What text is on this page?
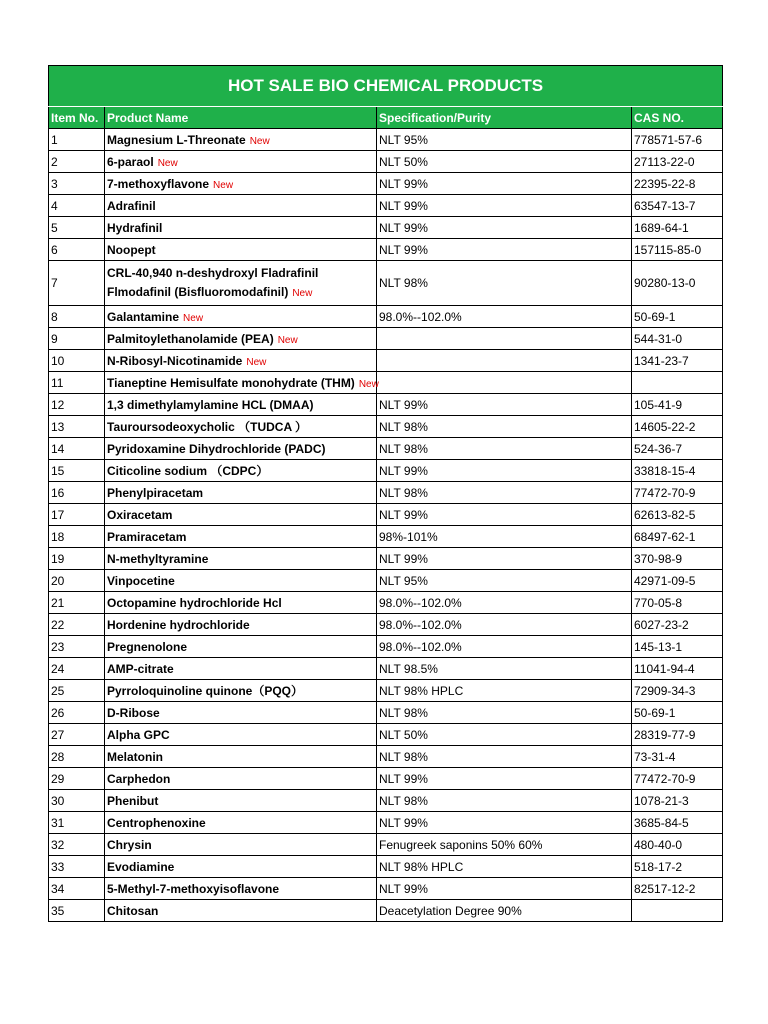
HOT SALE BIO CHEMICAL PRODUCTS			
Item No.	Product Name	Specification/Purity	CAS NO.
1	Magnesium L-Threonate New	NLT 95%	778571-57-6
2	6-paraol New	NLT 50%	27113-22-0
3	7-methoxyflavone New	NLT 99%	22395-22-8
4	Adrafinil	NLT 99%	63547-13-7
5	Hydrafinil	NLT 99%	1689-64-1
6	Noopept	NLT 99%	157115-85-0
7	CRL-40,940 n-deshydroxyl Fladrafinil
Flmodafinil (Bisfluoromodafinil) New	NLT 98%	90280-13-0
8	Galantamine New	98.0%--102.0%	50-69-1
9	Palmitoylethanolamide (PEA) New		544-31-0
10	N-Ribosyl-Nicotinamide New		1341-23-7
11	Tianeptine Hemisulfate monohydrate (THM) New		
12	1,3 dimethylamylamine HCL (DMAA)	NLT 99%	105-41-9
13	Tauroursodeoxycholic （TUDCA ）	NLT 98%	14605-22-2
14	Pyridoxamine Dihydrochloride (PADC)	NLT 98%	524-36-7
15	Citicoline sodium （CDPC）	NLT 99%	33818-15-4
16	Phenylpiracetam	NLT 98%	77472-70-9
17	Oxiracetam	NLT 99%	62613-82-5
18	Pramiracetam	98%-101%	68497-62-1
19	N-methyltyramine	NLT 99%	370-98-9
20	Vinpocetine	NLT 95%	42971-09-5
21	Octopamine hydrochloride Hcl	98.0%--102.0%	770-05-8
22	Hordenine hydrochloride	98.0%--102.0%	6027-23-2
23	Pregnenolone	98.0%--102.0%	145-13-1
24	AMP-citrate	NLT 98.5%	11041-94-4
25	Pyrroloquinoline quinone（PQQ）	NLT 98% HPLC	72909-34-3
26	D-Ribose	NLT 98%	50-69-1
27	Alpha GPC	NLT 50%	28319-77-9
28	Melatonin	NLT 98%	73-31-4
29	Carphedon	NLT 99%	77472-70-9
30	Phenibut	NLT 98%	1078-21-3
31	Centrophenoxine	NLT 99%	3685-84-5
32	Chrysin	Fenugreek saponins 50% 60%	480-40-0
33	Evodiamine	NLT 98% HPLC	518-17-2
34	5-Methyl-7-methoxyisoflavone	NLT 99%	82517-12-2
35	Chitosan	Deacetylation Degree 90%	
